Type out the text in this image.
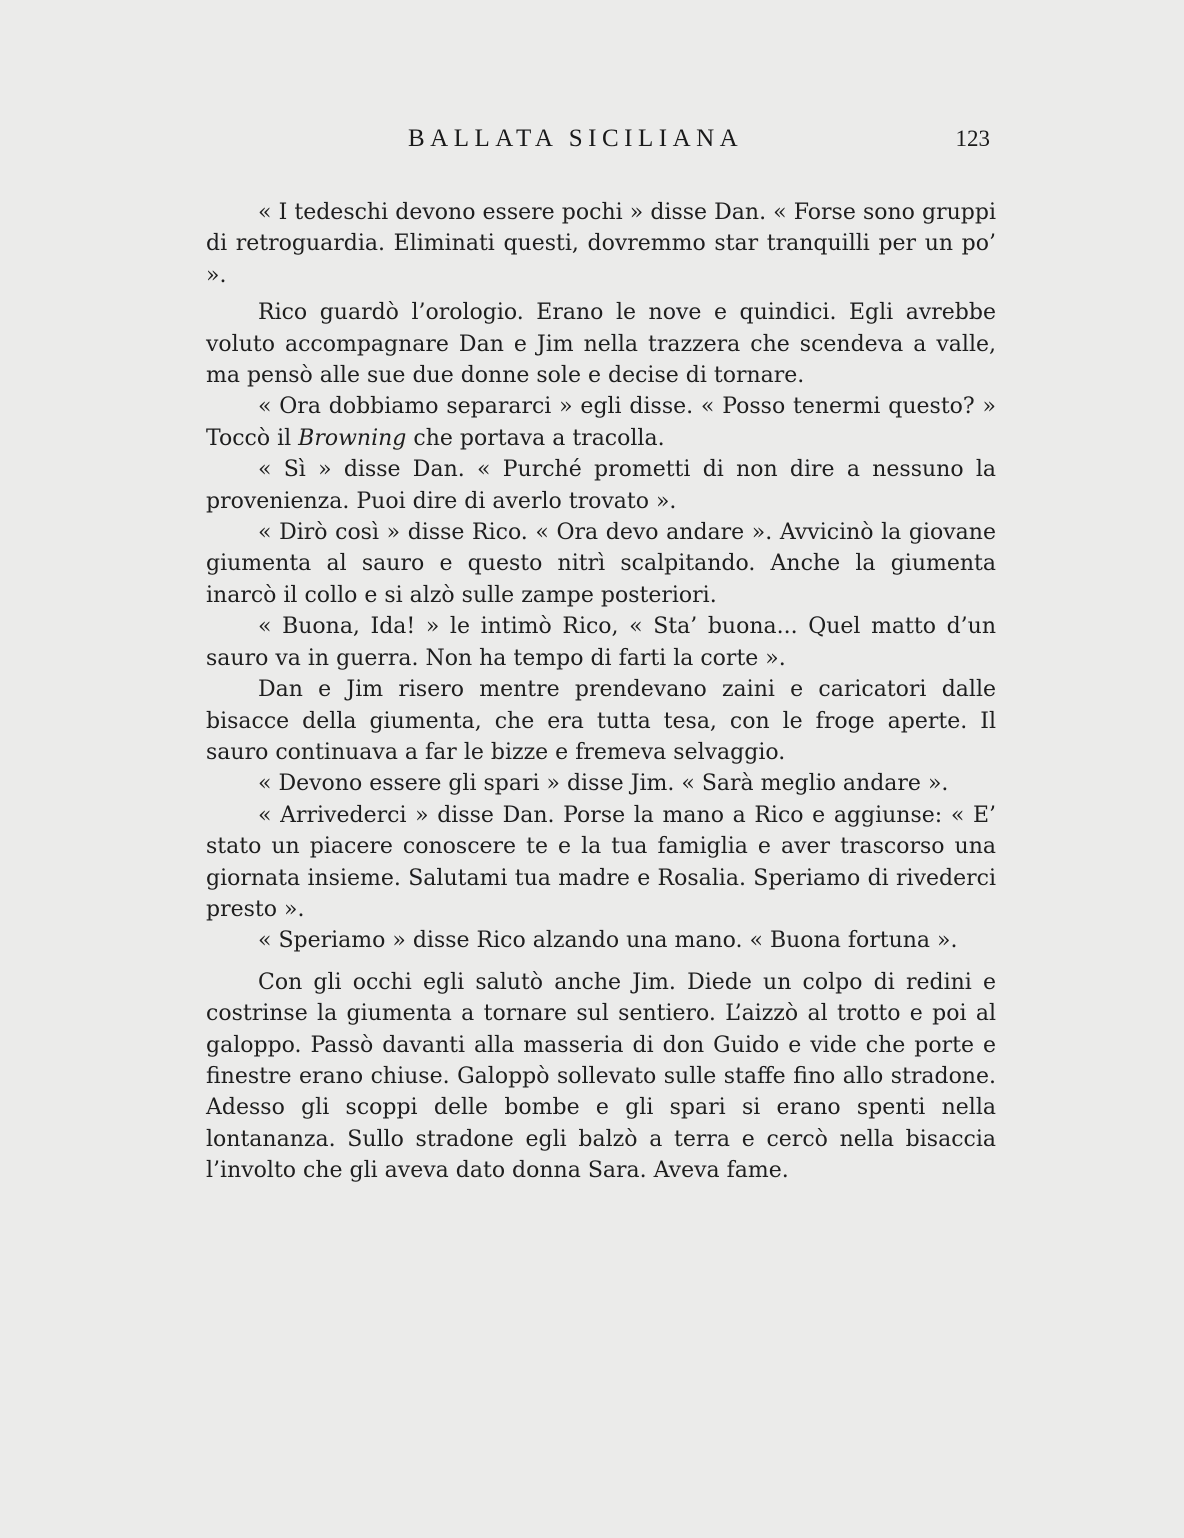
BALLATA SICILIANA	123

« I tedeschi devono essere pochi » disse Dan. « Forse sono gruppi di retroguardia. Eliminati questi, dovremmo star tranquilli per un po’ ».

Rico guardò l’orologio. Erano le nove e quindici. Egli avrebbe voluto accompagnare Dan e Jim nella trazzera che scendeva a valle, ma pensò alle sue due donne sole e decise di tornare.

« Ora dobbiamo separarci » egli disse. « Posso tenermi questo? » Toccò il Browning che portava a tracolla.

« Sì » disse Dan. « Purché prometti di non dire a nessuno la provenienza. Puoi dire di averlo trovato ».

« Dirò così » disse Rico. « Ora devo andare ». Avvicinò la giovane giumenta al sauro e questo nitrì scalpitando. Anche la giumenta inarcò il collo e si alzò sulle zampe posteriori.

« Buona, Ida! » le intimò Rico, « Sta’ buona... Quel matto d’un sauro va in guerra. Non ha tempo di farti la corte ».

Dan e Jim risero mentre prendevano zaini e caricatori dalle bisacce della giumenta, che era tutta tesa, con le froge aperte. Il sauro continuava a far le bizze e fremeva selvaggio.

« Devono essere gli spari » disse Jim. « Sarà meglio andare ».

« Arrivederci » disse Dan. Porse la mano a Rico e aggiunse: « E’ stato un piacere conoscere te e la tua famiglia e aver trascorso una giornata insieme. Salutami tua madre e Rosalia. Speriamo di rivederci presto ».

« Speriamo » disse Rico alzando una mano. « Buona fortuna ».

Con gli occhi egli salutò anche Jim. Diede un colpo di redini e costrinse la giumenta a tornare sul sentiero. L’aizzò al trotto e poi al galoppo. Passò davanti alla masseria di don Guido e vide che porte e finestre erano chiuse. Galoppò sollevato sulle staffe fino allo stradone. Adesso gli scoppi delle bombe e gli spari si erano spenti nella lontananza. Sullo stradone egli balzò a terra e cercò nella bisaccia l’involto che gli aveva dato donna Sara. Aveva fame.
